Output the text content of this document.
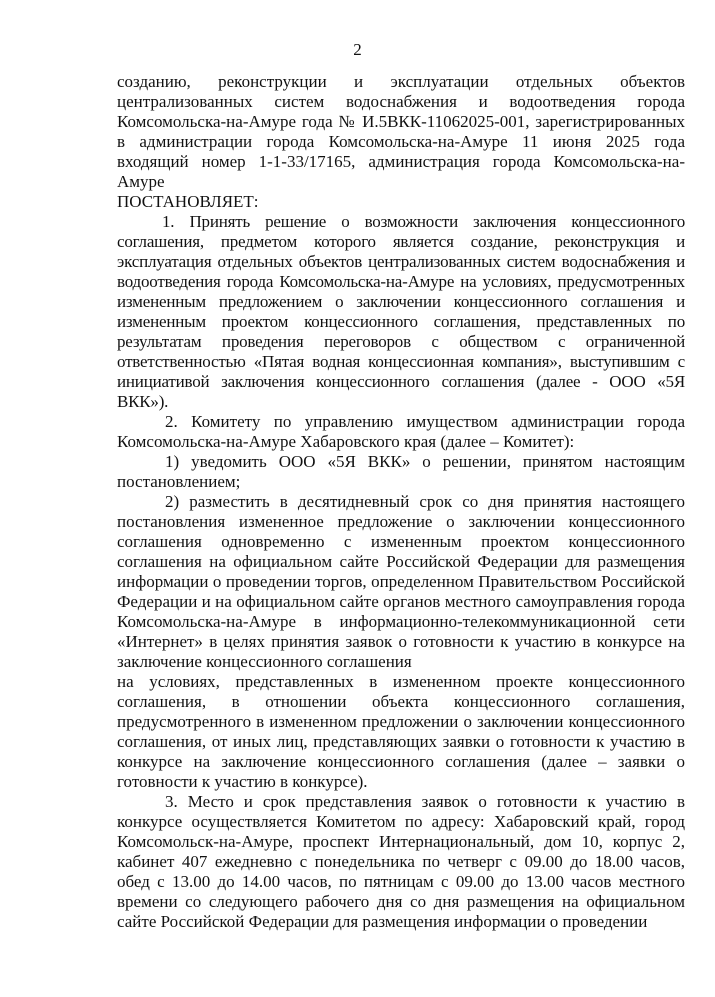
2

созданию, реконструкции и эксплуатации отдельных объектов централизованных систем водоснабжения и водоотведения города Комсомольска-на-Амуре года № И.5ВКК-11062025-001, зарегистрированных в администрации города Комсомольска-на-Амуре 11 июня 2025 года входящий номер 1-1-33/17165, администрация города Комсомольска-на-Амуре

ПОСТАНОВЛЯЕТ:

1. Принять решение о возможности заключения концессионного соглашения, предметом которого является создание, реконструкция и эксплуатация отдельных объектов централизованных систем водоснабжения и водоотведения города Комсомольска-на-Амуре на условиях, предусмотренных измененным предложением о заключении концессионного соглашения и измененным проектом концессионного соглашения, представленных по результатам проведения переговоров с обществом с ограниченной ответственностью «Пятая водная концессионная компания», выступившим с инициативой заключения концессионного соглашения (далее - ООО «5Я ВКК»).

2. Комитету по управлению имуществом администрации города Комсомольска-на-Амуре Хабаровского края (далее – Комитет):

1) уведомить ООО «5Я ВКК» о решении, принятом настоящим постановлением;

2) разместить в десятидневный срок со дня принятия настоящего постановления измененное предложение о заключении концессионного соглашения одновременно с измененным проектом концессионного соглашения на официальном сайте Российской Федерации для размещения информации о проведении торгов, определенном Правительством Российской Федерации и на официальном сайте органов местного самоуправления города Комсомольска-на-Амуре в информационно-телекоммуникационной сети «Интернет» в целях принятия заявок о готовности к участию в конкурсе на заключение концессионного соглашения

на условиях, представленных в измененном проекте концессионного соглашения, в отношении объекта концессионного соглашения, предусмотренного в измененном предложении о заключении концессионного соглашения, от иных лиц, представляющих заявки о готовности к участию в конкурсе на заключение концессионного соглашения (далее – заявки о готовности к участию в конкурсе).

3. Место и срок представления заявок о готовности к участию в конкурсе осуществляется Комитетом по адресу: Хабаровский край, город Комсомольск-на-Амуре, проспект Интернациональный, дом 10, корпус 2, кабинет 407 ежедневно с понедельника по четверг с 09.00 до 18.00 часов, обед с 13.00 до 14.00 часов, по пятницам с 09.00 до 13.00 часов местного времени со следующего рабочего дня со дня размещения на официальном сайте Российской Федерации для размещения информации о проведении
